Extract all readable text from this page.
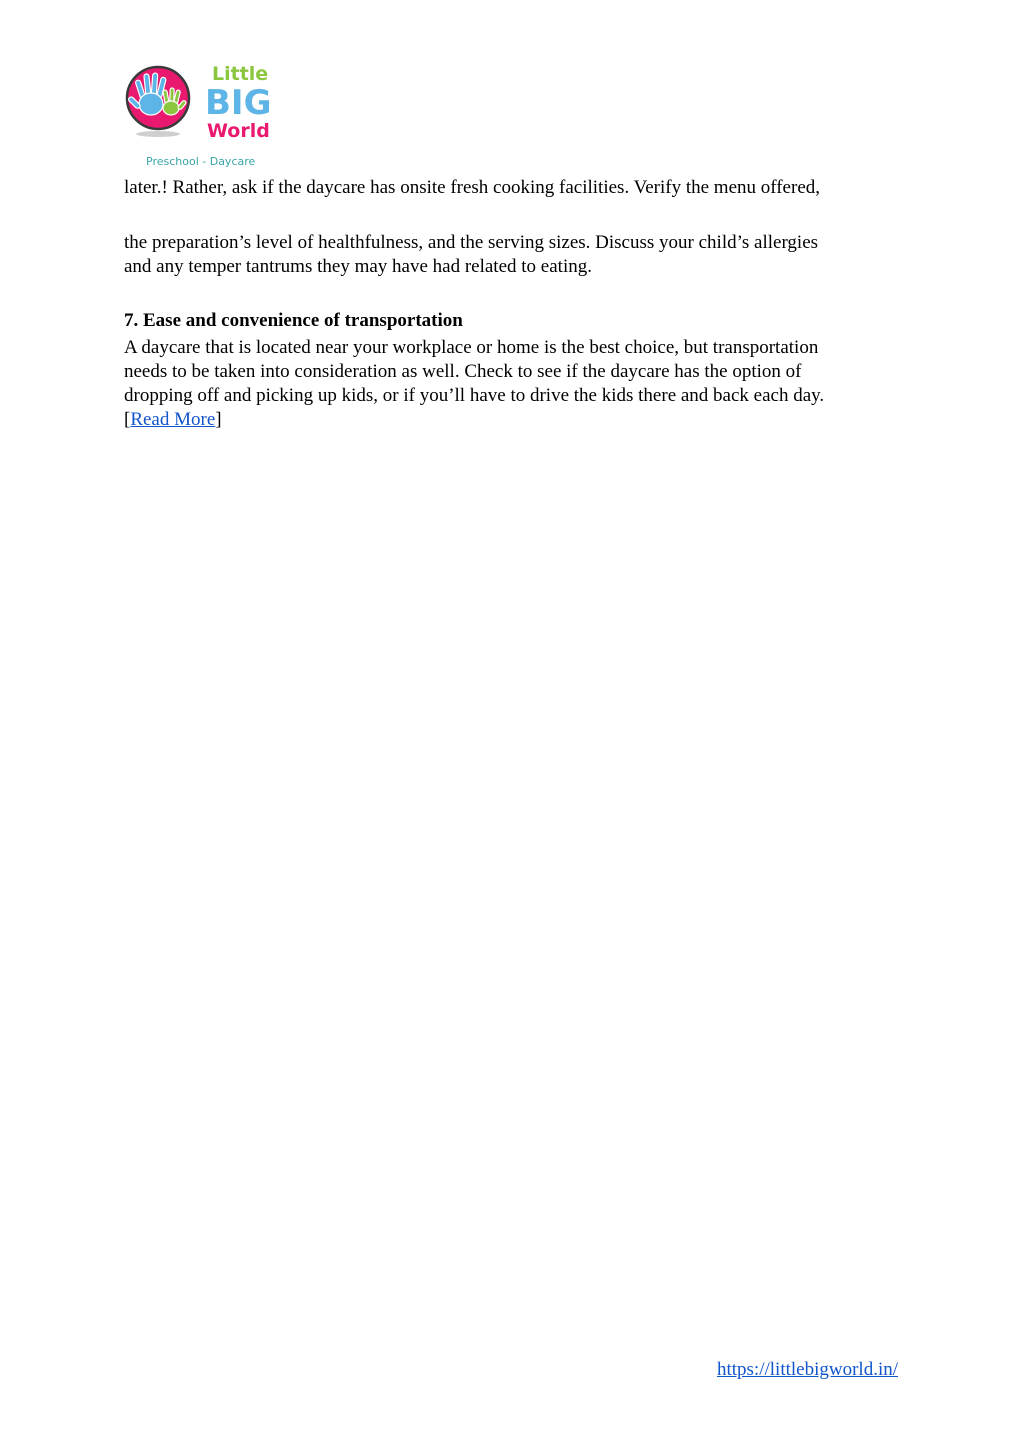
Little
BIG
World
Preschool - Daycare

later.! Rather, ask if the daycare has onsite fresh cooking facilities. Verify the menu offered,

the preparation’s level of healthfulness, and the serving sizes. Discuss your child’s allergies
and any temper tantrums they may have had related to eating.

7. Ease and convenience of transportation

A daycare that is located near your workplace or home is the best choice, but transportation
needs to be taken into consideration as well. Check to see if the daycare has the option of
dropping off and picking up kids, or if you’ll have to drive the kids there and back each day.
[Read More]

https://littlebigworld.in/
